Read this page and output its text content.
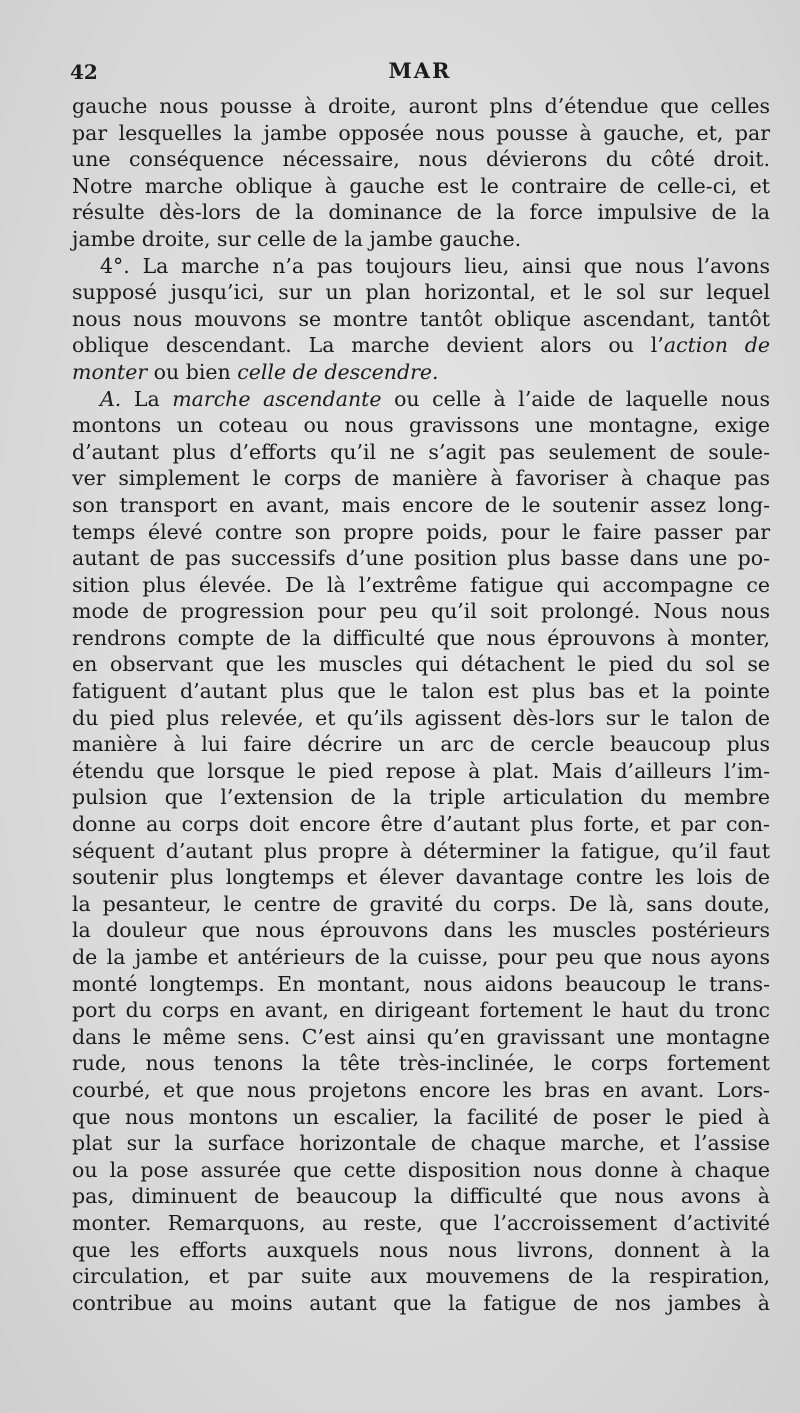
42	MAR
gauche nous pousse à droite, auront plns d’étendue que celles
par lesquelles la jambe opposée nous pousse à gauche, et, par
une conséquence nécessaire, nous dévierons du côté droit.
Notre marche oblique à gauche est le contraire de celle-ci, et
résulte dès-lors de la dominance de la force impulsive de la
jambe droite, sur celle de la jambe gauche.
4°. La marche n’a pas toujours lieu, ainsi que nous l’avons
supposé jusqu’ici, sur un plan horizontal, et le sol sur lequel
nous nous mouvons se montre tantôt oblique ascendant, tantôt
oblique descendant. La marche devient alors ou l’action de
monter ou bien celle de descendre.
A. La marche ascendante ou celle à l’aide de laquelle nous
montons un coteau ou nous gravissons une montagne, exige
d’autant plus d’efforts qu’il ne s’agit pas seulement de soule-
ver simplement le corps de manière à favoriser à chaque pas
son transport en avant, mais encore de le soutenir assez long-
temps élevé contre son propre poids, pour le faire passer par
autant de pas successifs d’une position plus basse dans une po-
sition plus élevée. De là l’extrême fatigue qui accompagne ce
mode de progression pour peu qu’il soit prolongé. Nous nous
rendrons compte de la difficulté que nous éprouvons à monter,
en observant que les muscles qui détachent le pied du sol se
fatiguent d’autant plus que le talon est plus bas et la pointe
du pied plus relevée, et qu’ils agissent dès-lors sur le talon de
manière à lui faire décrire un arc de cercle beaucoup plus
étendu que lorsque le pied repose à plat. Mais d’ailleurs l’im-
pulsion que l’extension de la triple articulation du membre
donne au corps doit encore être d’autant plus forte, et par con-
séquent d’autant plus propre à déterminer la fatigue, qu’il faut
soutenir plus longtemps et élever davantage contre les lois de
la pesanteur, le centre de gravité du corps. De là, sans doute,
la douleur que nous éprouvons dans les muscles postérieurs
de la jambe et antérieurs de la cuisse, pour peu que nous ayons
monté longtemps. En montant, nous aidons beaucoup le trans-
port du corps en avant, en dirigeant fortement le haut du tronc
dans le même sens. C’est ainsi qu’en gravissant une montagne
rude, nous tenons la tête très-inclinée, le corps fortement
courbé, et que nous projetons encore les bras en avant. Lors-
que nous montons un escalier, la facilité de poser le pied à
plat sur la surface horizontale de chaque marche, et l’assise
ou la pose assurée que cette disposition nous donne à chaque
pas, diminuent de beaucoup la difficulté que nous avons à
monter. Remarquons, au reste, que l’accroissement d’activité
que les efforts auxquels nous nous livrons, donnent à la
circulation, et par suite aux mouvemens de la respiration,
contribue au moins autant que la fatigue de nos jambes à
